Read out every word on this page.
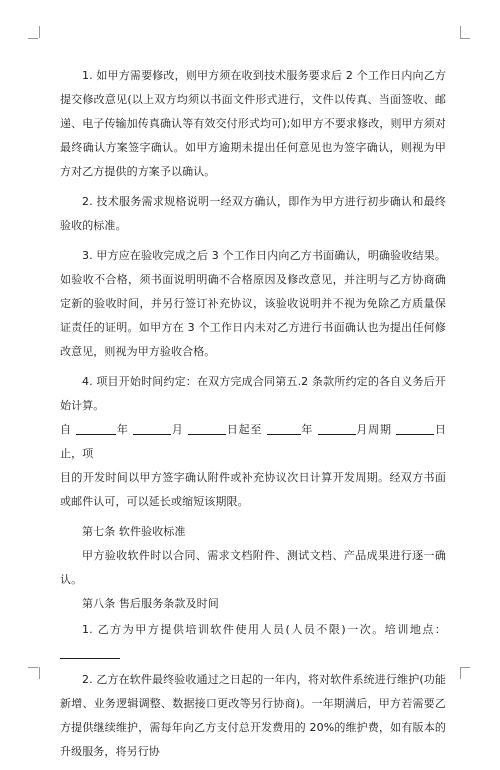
1. 如甲方需要修改，则甲方须在收到技术服务要求后 2 个工作日内向乙方提交修改意见(以上双方均须以书面文件形式进行，文件以传真、当面签收、邮递、电子传输加传真确认等有效交付形式均可);如甲方不要求修改，则甲方须对最终确认方案签字确认。如甲方逾期未提出任何意见也为签字确认，则视为甲方对乙方提供的方案予以确认。

2. 技术服务需求规格说明一经双方确认，即作为甲方进行初步确认和最终验收的标准。

3. 甲方应在验收完成之后 3 个工作日内向乙方书面确认，明确验收结果。如验收不合格，须书面说明明确不合格原因及修改意见，并注明与乙方协商确定新的验收时间，并另行签订补充协议，该验收说明并不视为免除乙方质量保证责任的证明。如甲方在 3 个工作日内未对乙方进行书面确认也为提出任何修改意见，则视为甲方验收合格。

4. 项目开始时间约定：在双方完成合同第五.2 条款所约定的各自义务后开始计算。

自	年	月	日起至	年	月周期	日止，项

目的开发时间以甲方签字确认附件或补充协议次日计算开发周期。经双方书面或邮件认可，可以延长或缩短该期限。

第七条 软件验收标准

甲方验收软件时以合同、需求文档附件、测试文档、产品成果进行逐一确认。

第八条 售后服务条款及时间

1. 乙方为甲方提供培训软件使用人员(人员不限)一次。培训地点：

2. 乙方在软件最终验收通过之日起的一年内，将对软件系统进行维护(功能新增、业务逻辑调整、数据接口更改等另行协商)。一年期满后，甲方若需要乙方提供继续维护，需每年向乙方支付总开发费用的 20%的维护费，如有版本的升级服务，将另行协
